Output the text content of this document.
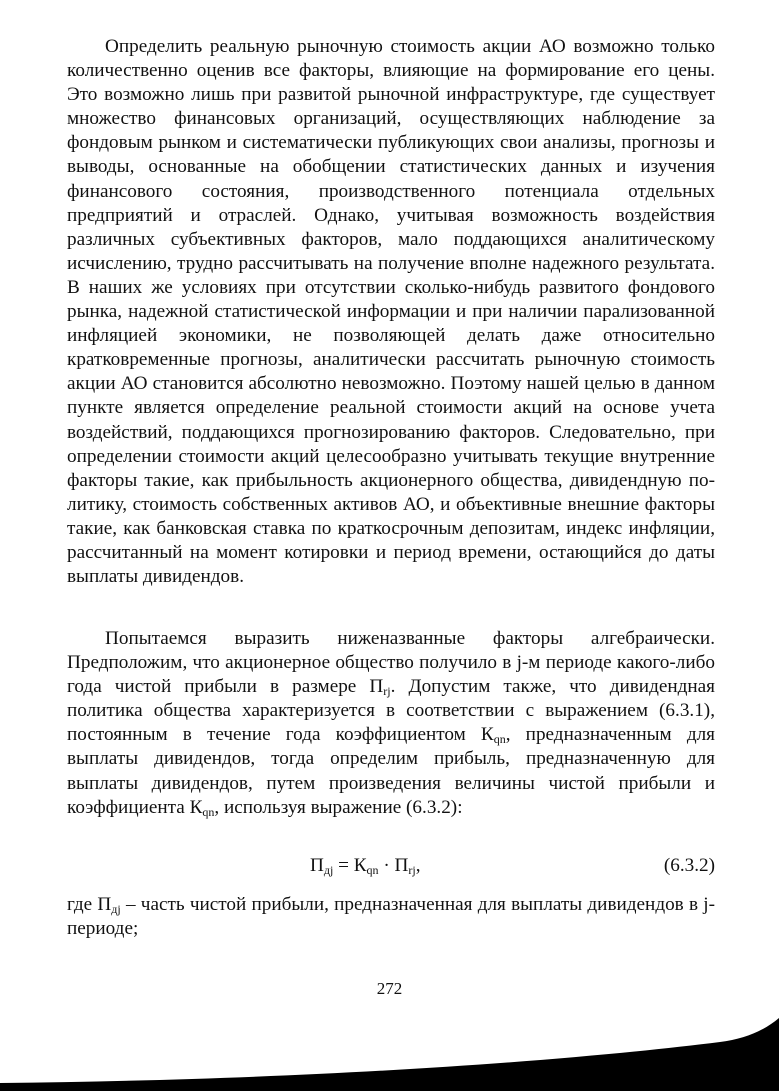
Определить реальную рыночную стоимость акции АО возможно только количественно оценив все факторы, влияющие на формирование его цены. Это возможно лишь при развитой рыночной инфраструктуре, где существует множество финансовых организаций, осуществляющих наблюдение за фондовым рынком и систематически публикующих свои анализы, прогнозы и выводы, основанные на обобщении статистических данных и изучения финансового состояния, производственного потенциала отдельных предприятий и отраслей. Однако, учитывая возможность воздействия различных субъективных факторов, мало поддающихся аналитическому исчислению, трудно рассчитывать на получение вполне надежного результата. В наших же условиях при отсутствии сколько-нибудь развитого фондового рынка, надежной статистической информации и при наличии парализованной инфляцией экономики, не позволяющей делать даже относительно кратковременные прогнозы, аналитически рассчитать рыночную стоимость акции АО становится абсолютно невозможно. Поэтому нашей целью в данном пункте является определение реальной стоимости акций на основе учета воздействий, поддающихся прогнозированию факторов. Следовательно, при определении стоимости акций целесообразно учитывать текущие внутренние факторы такие, как прибыльность акционерного общества, дивидендную политику, стоимость собственных активов АО, и объективные внешние факторы такие, как банковская ставка по краткосрочным депозитам, индекс инфляции, рассчитанный на момент котировки и период времени, остающийся до даты выплаты дивидендов.

Попытаемся выразить ниженазванные факторы алгебраически. Предположим, что акционерное общество получило в j-м периоде какого-либо года чистой прибыли в размере $П_{rj}$. Допустим также, что дивидендная политика общества характеризуется в соответствии с выражением (6.3.1), постоянным в течение года коэффициентом $К_{qn}$, предназначенным для выплаты дивидендов, тогда определим прибыль, предназначенную для выплаты дивидендов, путем произведения величины чистой прибыли и коэффициента $К_{qn}$, используя выражение (6.3.2):

$П_{дj} = К_{qn} \cdot П_{rj}$,	(6.3.2)

где $П_{дj}$ – часть чистой прибыли, предназначенная для выплаты дивидендов в j-периоде;

272
